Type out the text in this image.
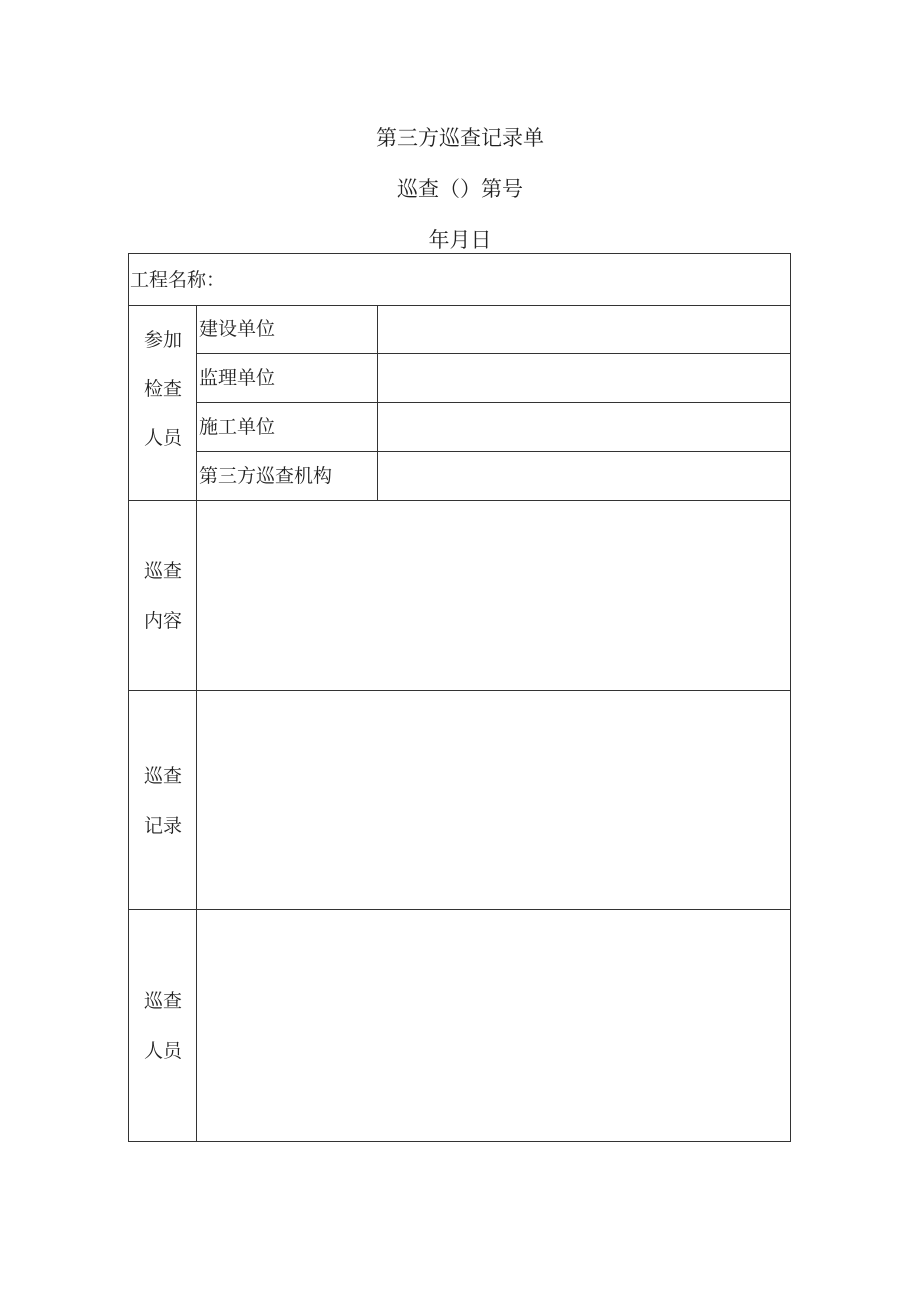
第三方巡查记录单
巡查（）第号
年月日
工程名称：
参加
检查
人员
建设单位
监理单位
施工单位
第三方巡查机构
巡查
内容
巡查
记录
巡查
人员
